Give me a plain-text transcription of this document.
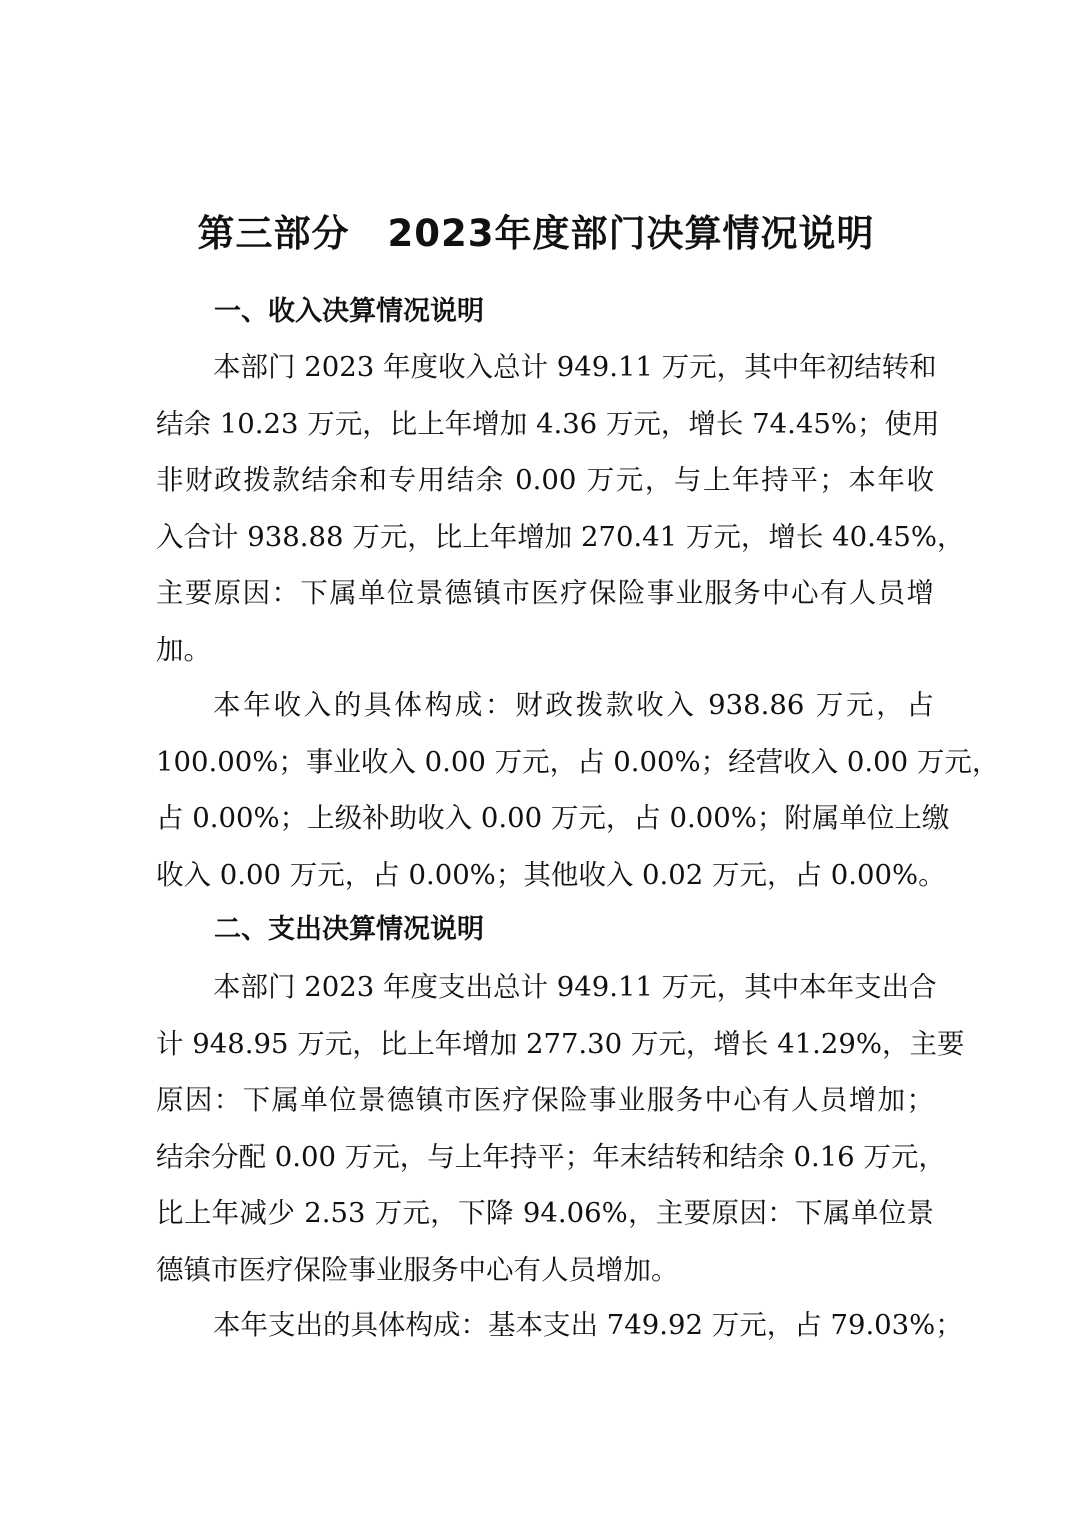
第三部分　2023年度部门决算情况说明
一、收入决算情况说明
本部门 2023 年度收入总计 949.11 万元，其中年初结转和
结余 10.23 万元，比上年增加 4.36 万元，增长 74.45%；使用
非财政拨款结余和专用结余 0.00 万元，与上年持平；本年收
入合计 938.88 万元，比上年增加 270.41 万元，增长 40.45%，
主要原因：下属单位景德镇市医疗保险事业服务中心有人员增
加。
本年收入的具体构成：财政拨款收入 938.86 万元，占
100.00%；事业收入 0.00 万元，占 0.00%；经营收入 0.00 万元，
占 0.00%；上级补助收入 0.00 万元，占 0.00%；附属单位上缴
收入 0.00 万元，占 0.00%；其他收入 0.02 万元，占 0.00%。
二、支出决算情况说明
本部门 2023 年度支出总计 949.11 万元，其中本年支出合
计 948.95 万元，比上年增加 277.30 万元，增长 41.29%，主要
原因：下属单位景德镇市医疗保险事业服务中心有人员增加；
结余分配 0.00 万元，与上年持平；年末结转和结余 0.16 万元，
比上年减少 2.53 万元，下降 94.06%，主要原因：下属单位景
德镇市医疗保险事业服务中心有人员增加。
本年支出的具体构成：基本支出 749.92 万元，占 79.03%；
